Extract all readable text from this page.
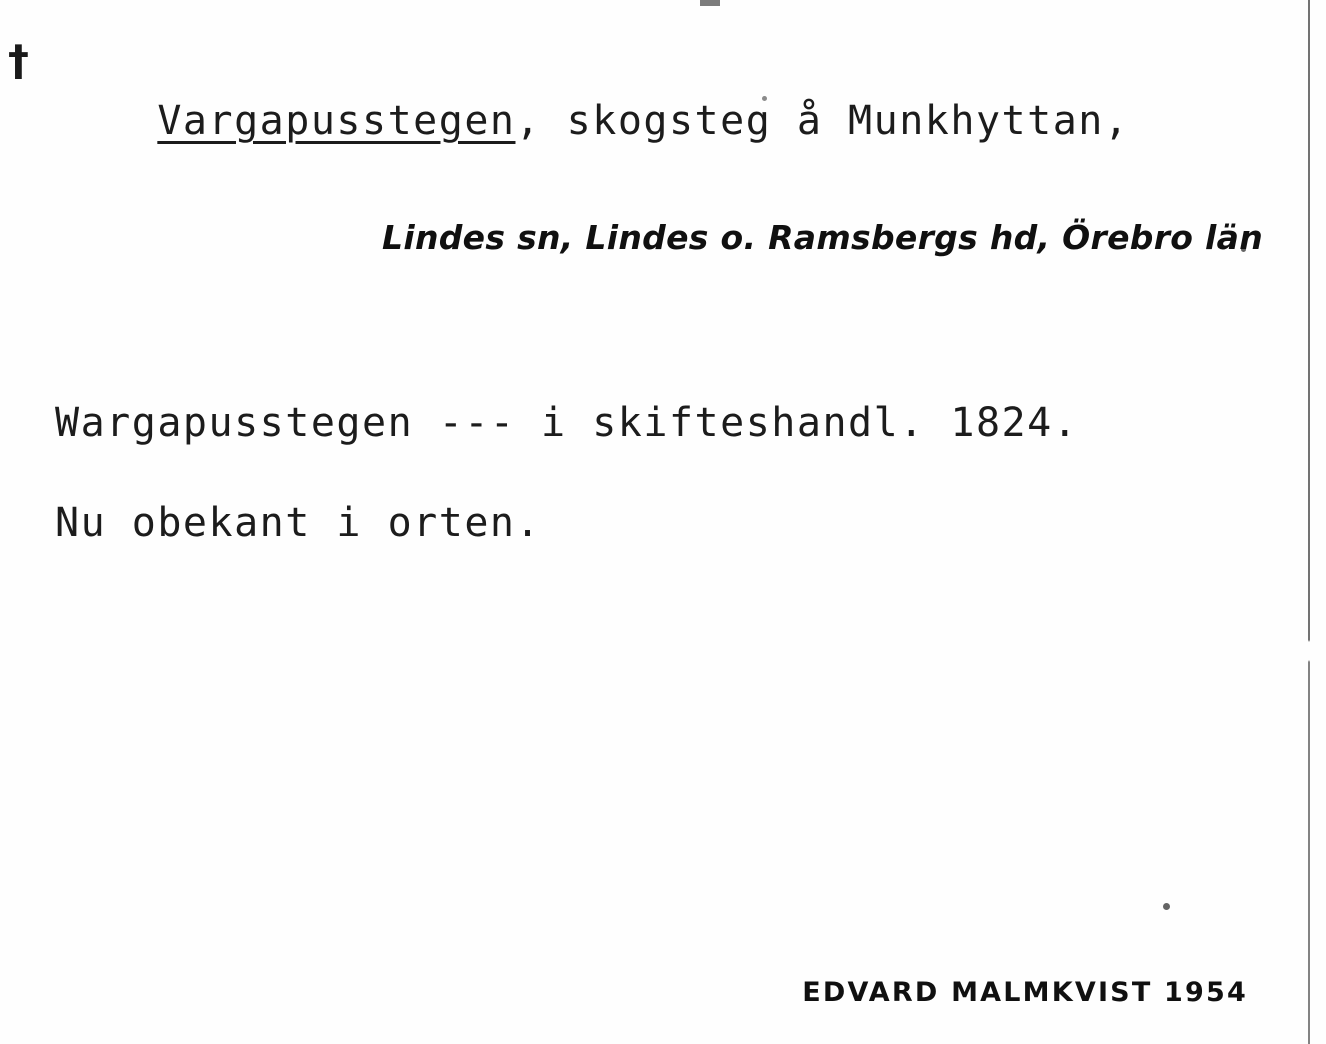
†

Vargapusstegen, skogsteg å Munkhyttan,

Lindes sn, Lindes o. Ramsbergs hd, Örebro län
Wargapusstegen --- i skifteshandl. 1824.
Nu obekant i orten.
EDVARD MALMKVIST 1954
